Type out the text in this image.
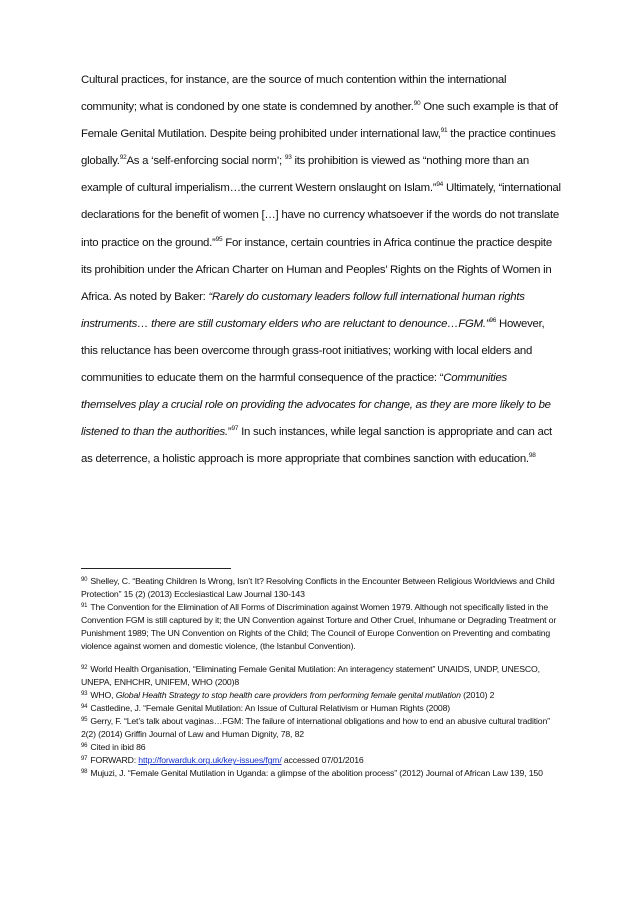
Cultural practices, for instance, are the source of much contention within the international community; what is condoned by one state is condemned by another.$^{90}$ One such example is that of Female Genital Mutilation. Despite being prohibited under international law,$^{91}$ the practice continues globally.$^{92}$As a ‘self-enforcing social norm’; $^{93}$ its prohibition is viewed as “nothing more than an example of cultural imperialism…the current Western onslaught on Islam.”$^{94}$ Ultimately, “international declarations for the benefit of women […] have no currency whatsoever if the words do not translate into practice on the ground.”$^{95}$ For instance, certain countries in Africa continue the practice despite its prohibition under the African Charter on Human and Peoples’ Rights on the Rights of Women in Africa. As noted by Baker: “Rarely do customary leaders follow full international human rights instruments… there are still customary elders who are reluctant to denounce…FGM.”$^{96}$ However, this reluctance has been overcome through grass-root initiatives; working with local elders and communities to educate them on the harmful consequence of the practice: “Communities themselves play a crucial role on providing the advocates for change, as they are more likely to be listened to than the authorities.”$^{97}$ In such instances, while legal sanction is appropriate and can act as deterrence, a holistic approach is more appropriate that combines sanction with education.$^{98}$

$^{90}$ Shelley, C. “Beating Children Is Wrong, Isn’t It? Resolving Conflicts in the Encounter Between Religious Worldviews and Child Protection” 15 (2) (2013) Ecclesiastical Law Journal 130-143

$^{91}$ The Convention for the Elimination of All Forms of Discrimination against Women 1979. Although not specifically listed in the Convention FGM is still captured by it; the UN Convention against Torture and Other Cruel, Inhumane or Degrading Treatment or Punishment 1989; The UN Convention on Rights of the Child; The Council of Europe Convention on Preventing and combating violence against women and domestic violence, (the Istanbul Convention).

$^{92}$ World Health Organisation, “Eliminating Female Genital Mutilation: An interagency statement” UNAIDS, UNDP, UNESCO, UNEPA, ENHCHR, UNIFEM, WHO (200)8

$^{93}$ WHO, Global Health Strategy to stop health care providers from performing female genital mutilation (2010) 2

$^{94}$ Castledine, J. “Female Genital Mutilation: An Issue of Cultural Relativism or Human Rights (2008)

$^{95}$ Gerry, F. “Let’s talk about vaginas…FGM: The failure of international obligations and how to end an abusive cultural tradition” 2(2) (2014) Griffin Journal of Law and Human Dignity, 78, 82

$^{96}$ Cited in ibid 86

$^{97}$ FORWARD: http://forwarduk.org.uk/key-issues/fgm/ accessed 07/01/2016

$^{98}$ Mujuzi, J. “Female Genital Mutilation in Uganda: a glimpse of the abolition process” (2012) Journal of African Law 139, 150
